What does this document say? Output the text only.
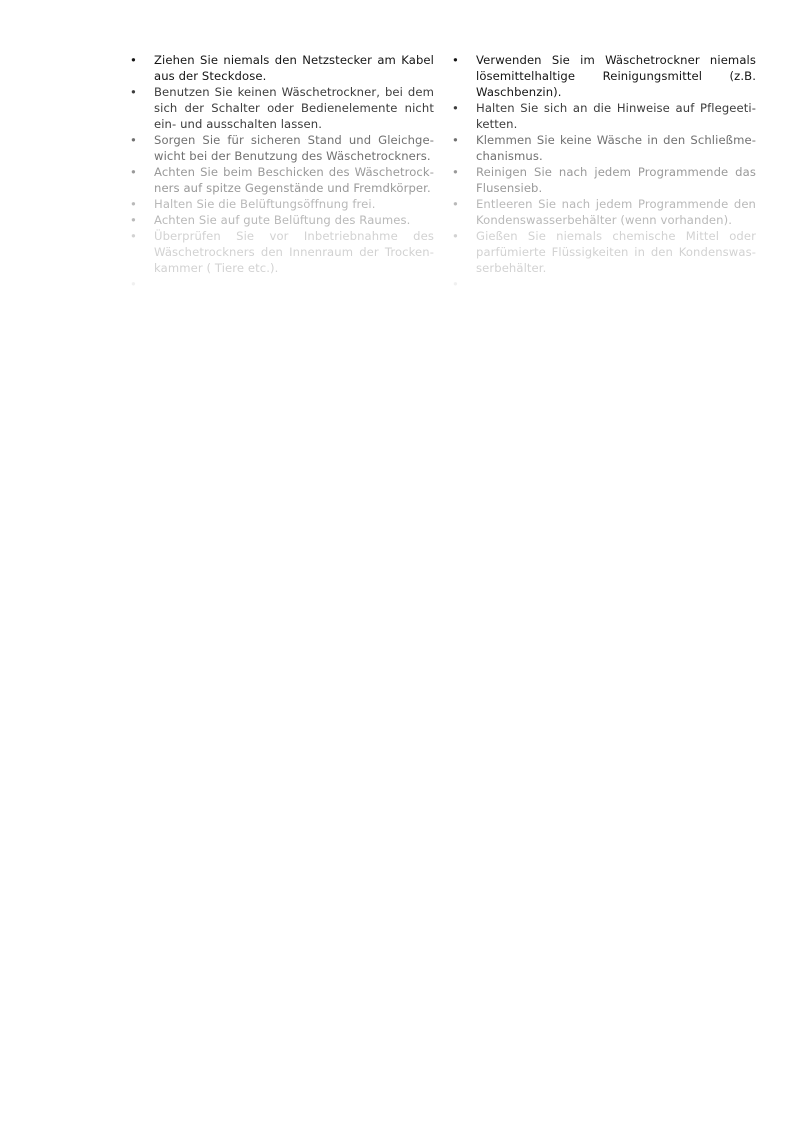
• Ziehen Sie niemals den Netzstecker am Kabel aus der Steckdose.
• Benutzen Sie keinen Wäschetrockner, bei dem sich der Schalter oder Bedienelemente nicht ein- und ausschalten lassen.
• Sorgen Sie für sicheren Stand und Gleichge-wicht bei der Benutzung des Wäschetrockners.
• Achten Sie beim Beschicken des Wäschetrock-ners auf spitze Gegenstände und Fremdkörper.
• Halten Sie die Belüftungsöffnung frei.
• Achten Sie auf gute Belüftung des Raumes.
• Überprüfen Sie vor Inbetriebnahme des Wäschetrockners den Innenraum der Trocken-kammer ( Tiere etc.).
•
• Verwenden Sie im Wäschetrockner niemals lösemittelhaltige Reinigungsmittel (z.B. Waschbenzin).
• Halten Sie sich an die Hinweise auf Pflegeeti-ketten.
• Klemmen Sie keine Wäsche in den Schließme-chanismus.
• Reinigen Sie nach jedem Programmende das Flusensieb.
• Entleeren Sie nach jedem Programmende den Kondenswasserbehälter (wenn vorhanden).
• Gießen Sie niemals chemische Mittel oder parfümierte Flüssigkeiten in den Kondenswas-serbehälter.
•
